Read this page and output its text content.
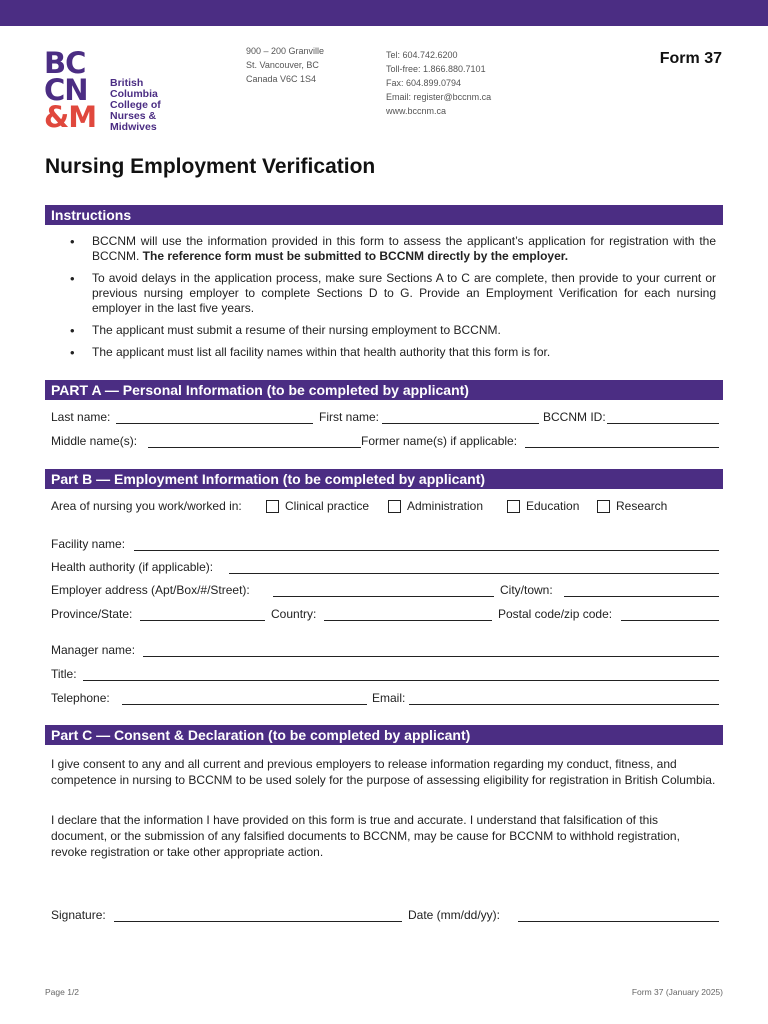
BC
CN
&M
British
Columbia
College of
Nurses &
Midwives
900 – 200 Granville
St. Vancouver, BC
Canada V6C 1S4
Tel: 604.742.6200
Toll-free: 1.866.880.7101
Fax: 604.899.0794
Email: register@bccnm.ca
www.bccnm.ca
Form 37
Nursing Employment Verification
Instructions
• BCCNM will use the information provided in this form to assess the applicant’s application for registration with the BCCNM. The reference form must be submitted to BCCNM directly by the employer.
• To avoid delays in the application process, make sure Sections A to C are complete, then provide to your current or previous nursing employer to complete Sections D to G. Provide an Employment Verification for each nursing employer in the last five years.
• The applicant must submit a resume of their nursing employment to BCCNM.
• The applicant must list all facility names within that health authority that this form is for.
PART A — Personal Information (to be completed by applicant)
Last name:	First name:	BCCNM ID:
Middle name(s):	Former name(s) if applicable:
Part B — Employment Information (to be completed by applicant)
Area of nursing you work/worked in:	Clinical practice	Administration	Education	Research
Facility name:
Health authority (if applicable):
Employer address (Apt/Box/#/Street):	City/town:
Province/State:	Country:	Postal code/zip code:
Manager name:
Title:
Telephone:	Email:
Part C — Consent & Declaration (to be completed by applicant)

I give consent to any and all current and previous employers to release information regarding my conduct, fitness, and competence in nursing to BCCNM to be used solely for the purpose of assessing eligibility for registration in British Columbia.

I declare that the information I have provided on this form is true and accurate. I understand that falsification of this document, or the submission of any falsified documents to BCCNM, may be cause for BCCNM to withhold registration, revoke registration or take other appropriate action.

Signature:	Date (mm/dd/yy):
Page 1/2	Form 37 (January 2025)
